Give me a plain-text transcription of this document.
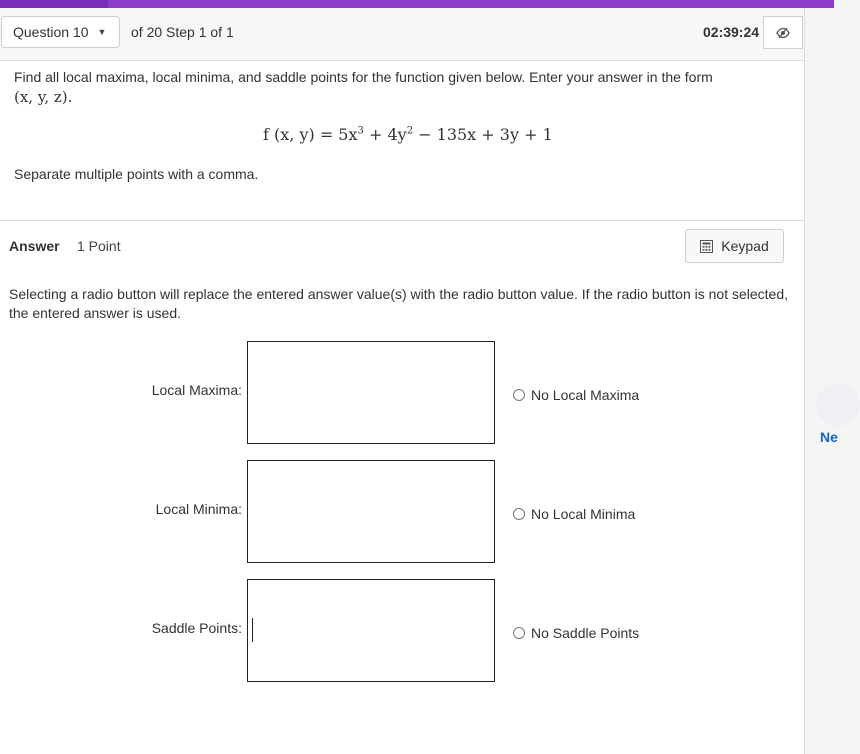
Question 10 ▼ of 20 Step 1 of 1	02:39:24
Find all local maxima, local minima, and saddle points for the function given below. Enter your answer in the form
(x, y, z).
f (x, $y) = 5x^3 + 4y^2 - 135x + 3y + 1$
Separate multiple points with a comma.
Answer 1 Point	Keypad
Selecting a radio button will replace the entered answer value(s) with the radio button value. If the radio button is not selected, the entered answer is used.
Local Maxima:	No Local Maxima
Local Minima:	No Local Minima
Saddle Points:	No Saddle Points
Ne
